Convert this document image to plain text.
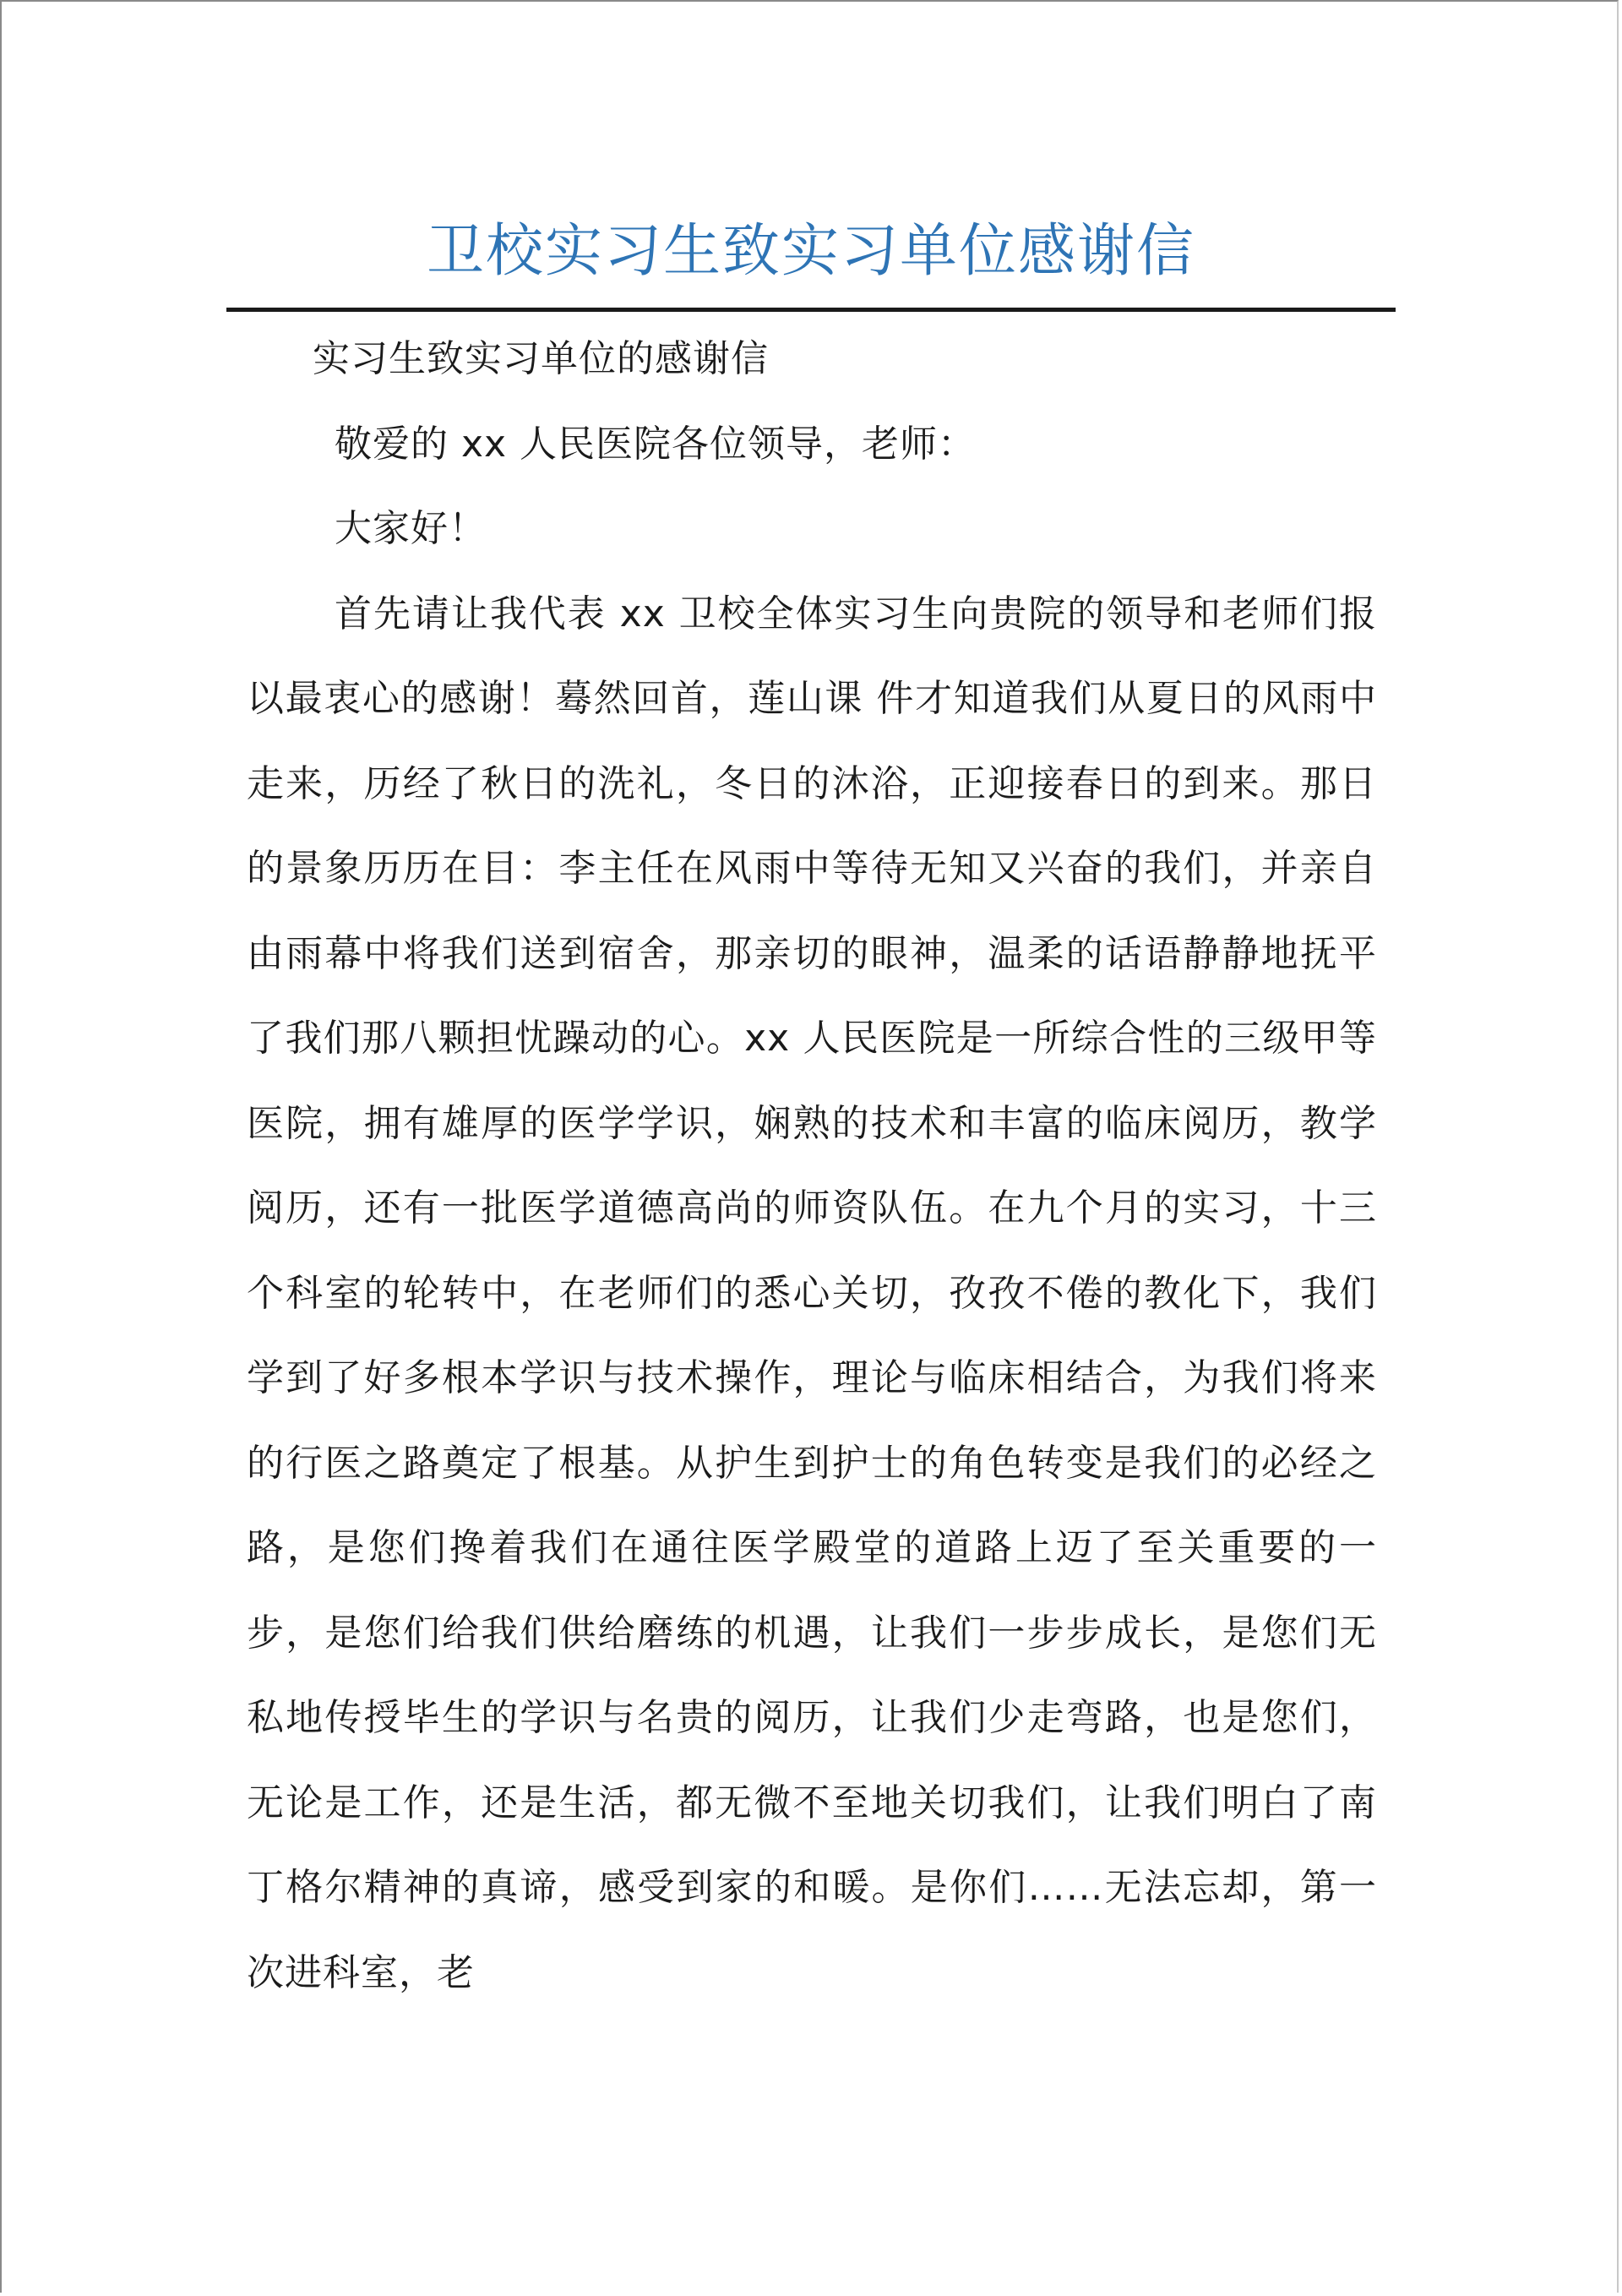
卫校实习生致实习单位感谢信

实习生致实习单位的感谢信

敬爱的 xx 人民医院各位领导，老师：

大家好！

首先请让我代表 xx 卫校全体实习生向贵院的领导和老师们报以最衷心的感谢！蓦然回首，莲山课 件才知道我们从夏日的风雨中走来，历经了秋日的洗礼，冬日的沐浴，正迎接春日的到来。那日的景象历历在目：李主任在风雨中等待无知又兴奋的我们，并亲自由雨幕中将我们送到宿舍，那亲切的眼神，温柔的话语静静地抚平了我们那八颗担忧躁动的心。xx 人民医院是一所综合性的三级甲等医院，拥有雄厚的医学学识，娴熟的技术和丰富的临床阅历，教学阅历，还有一批医学道德高尚的师资队伍。在九个月的实习，十三个科室的轮转中，在老师们的悉心关切，孜孜不倦的教化下，我们学到了好多根本学识与技术操作，理论与临床相结合，为我们将来的行医之路奠定了根基。从护生到护士的角色转变是我们的必经之路，是您们搀着我们在通往医学殿堂的道路上迈了至关重要的一步，是您们给我们供给磨练的机遇，让我们一步步成长，是您们无私地传授毕生的学识与名贵的阅历，让我们少走弯路，也是您们，无论是工作，还是生活，都无微不至地关切我们，让我们明白了南丁格尔精神的真谛，感受到家的和暖。是你们……无法忘却，第一次进科室，老
